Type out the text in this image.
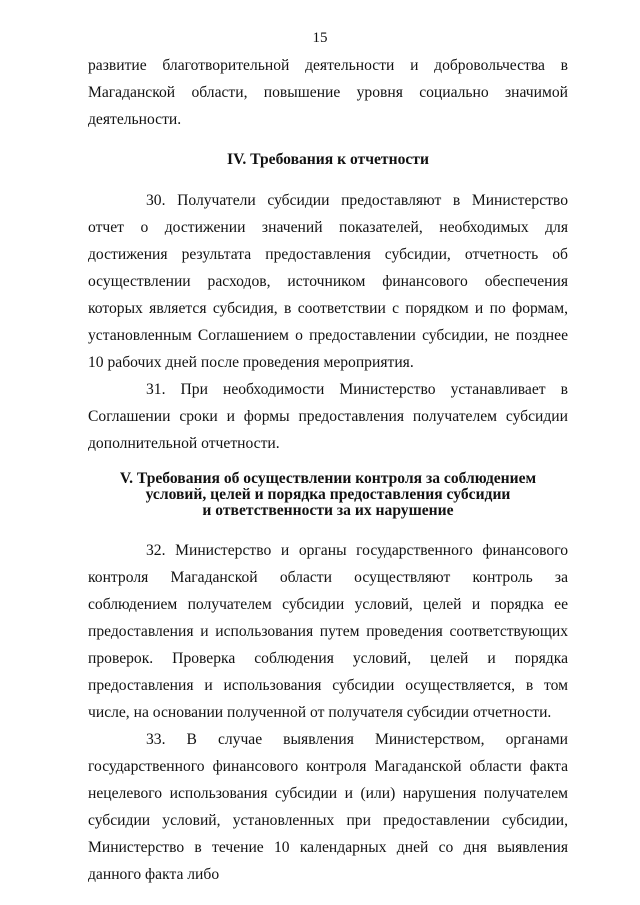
15

развитие благотворительной деятельности и добровольчества в Магаданской области, повышение уровня социально значимой деятельности.

IV. Требования к отчетности

30. Получатели субсидии предоставляют в Министерство отчет о достижении значений показателей, необходимых для достижения результата предоставления субсидии, отчетность об осуществлении расходов, источником финансового обеспечения которых является субсидия, в соответствии с порядком и по формам, установленным Соглашением о предоставлении субсидии, не позднее 10 рабочих дней после проведения мероприятия.

31. При необходимости Министерство устанавливает в Соглашении сроки и формы предоставления получателем субсидии дополнительной отчетности.

V. Требования об осуществлении контроля за соблюдением
условий, целей и порядка предоставления субсидии
и ответственности за их нарушение

32. Министерство и органы государственного финансового контроля Магаданской области осуществляют контроль за соблюдением получателем субсидии условий, целей и порядка ее предоставления и использования путем проведения соответствующих проверок. Проверка соблюдения условий, целей и порядка предоставления и использования субсидии осуществляется, в том числе, на основании полученной от получателя субсидии отчетности.

33. В случае выявления Министерством, органами государственного финансового контроля Магаданской области факта нецелевого использования субсидии и (или) нарушения получателем субсидии условий, установленных при предоставлении субсидии, Министерство в течение 10 календарных дней со дня выявления данного факта либо
